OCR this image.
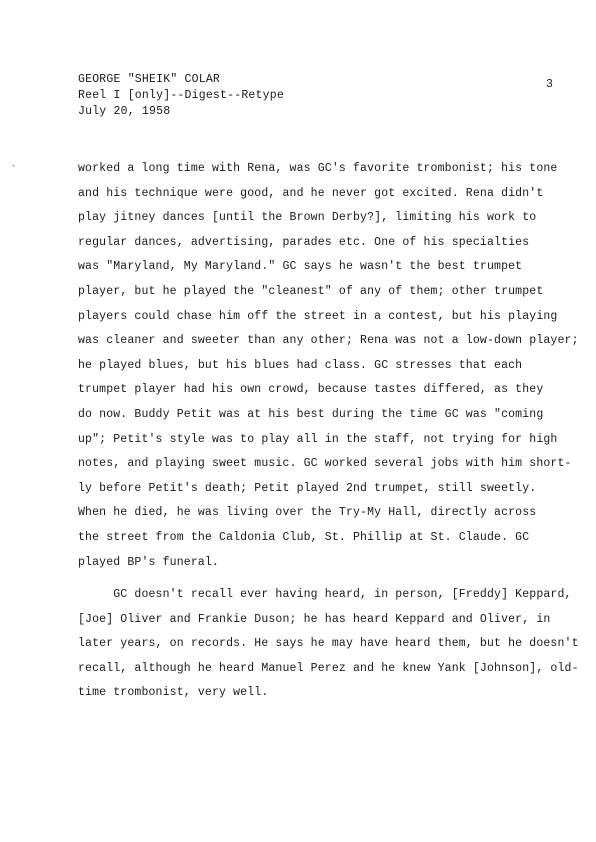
GEORGE "SHEIK" COLAR
Reel I [only]--Digest--Retype
July 20, 1958
3
`	worked a long time with Rena, was GC's favorite trombonist; his tone
and his technique were good, and he never got excited. Rena didn't
play jitney dances [until the Brown Derby?], limiting his work to
regular dances, advertising, parades etc. One of his specialties
was "Maryland, My Maryland." GC says he wasn't the best trumpet
player, but he played the "cleanest" of any of them; other trumpet
players could chase him off the street in a contest, but his playing
was cleaner and sweeter than any other; Rena was not a low-down player;
he played blues, but his blues had class. GC stresses that each
trumpet player had his own crowd, because tastes differed, as they
do now. Buddy Petit was at his best during the time GC was "coming
up"; Petit's style was to play all in the staff, not trying for high
notes, and playing sweet music. GC worked several jobs with him short-
ly before Petit's death; Petit played 2nd trumpet, still sweetly.
When he died, he was living over the Try-My Hall, directly across
the street from the Caldonia Club, St. Phillip at St. Claude. GC
played BP's funeral.
GC doesn't recall ever having heard, in person, [Freddy] Keppard,
[Joe] Oliver and Frankie Duson; he has heard Keppard and Oliver, in
later years, on records. He says he may have heard them, but he doesn't
recall, although he heard Manuel Perez and he knew Yank [Johnson], old-
time trombonist, very well.
